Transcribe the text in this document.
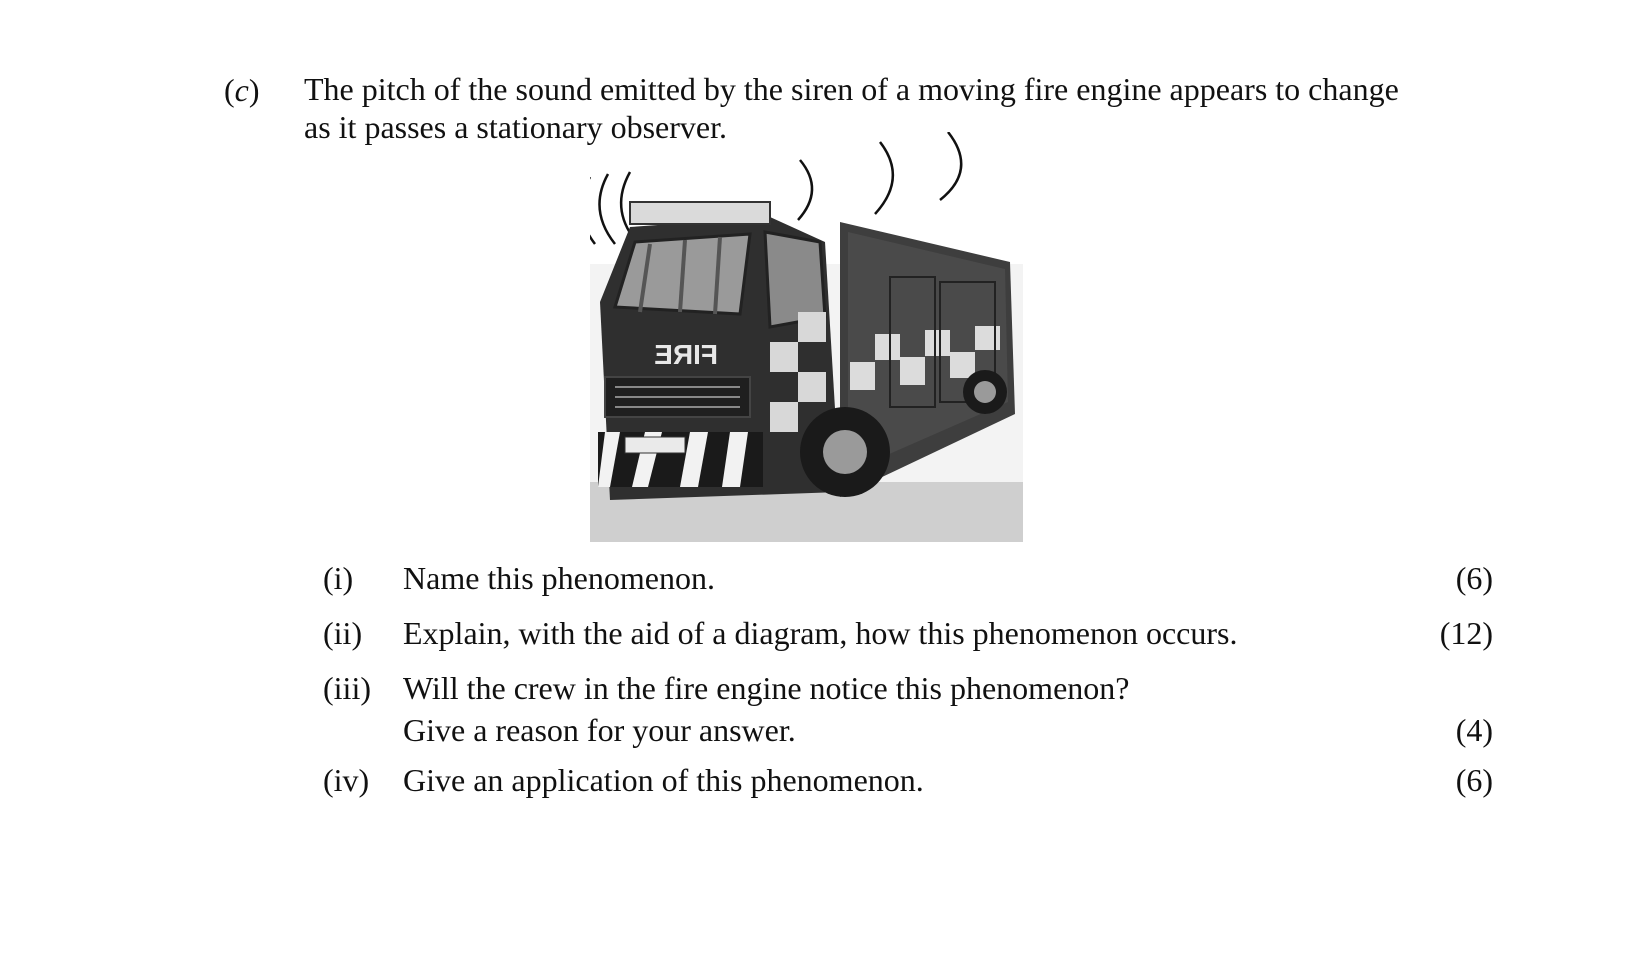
(c) The pitch of the sound emitted by the siren of a moving fire engine appears to change
as it passes a stationary observer.
FIRE
(i) Name this phenomenon.	(6)
(ii) Explain, with the aid of a diagram, how this phenomenon occurs.	(12)
(iii) Will the crew in the fire engine notice this phenomenon?
Give a reason for your answer.	(4)
(iv) Give an application of this phenomenon.	(6)
